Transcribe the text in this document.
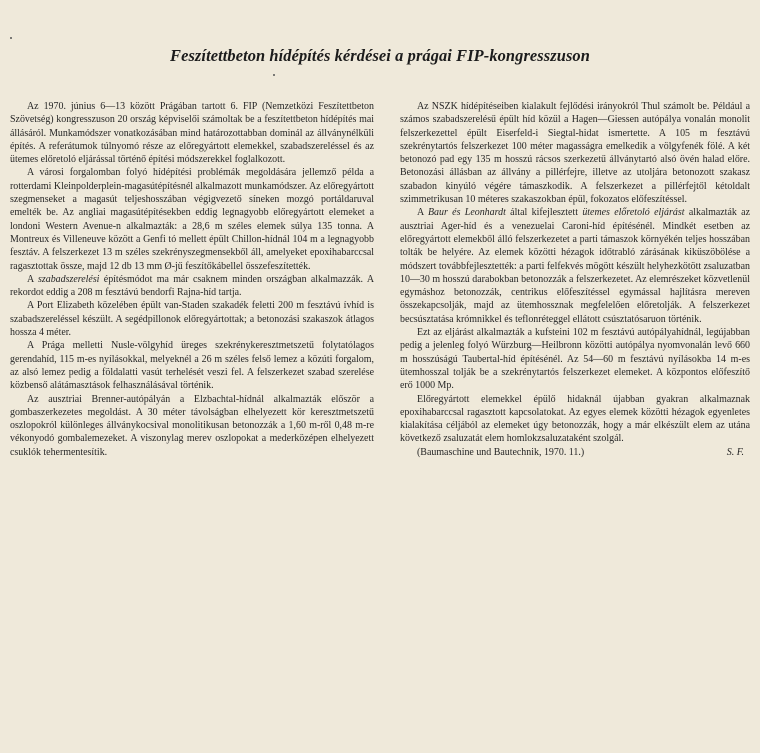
Feszítettbeton hídépítés kérdései a prágai FIP-kongresszuson

Az 1970. június 6—13 között Prágában tartott 6. FIP (Nemzetközi Feszítettbeton Szövetség) kongresszuson 20 ország képviselői számoltak be a feszítettbeton hídépítés mai állásáról. Munkamódszer vonatkozásában mind határozottabban dominál az állványnélküli építés. A referátumok túlnyomó része az előregyártott elemekkel, szabadszereléssel és az ütemes előretoló eljárással történő építési módszerekkel foglalkozott.

A városi forgalomban folyó hídépítési problémák megoldására jellemző példa a rotterdami Kleinpolderplein-magasútépítésnél alkalmazott munkamódszer. Az előregyártott szegmenseket a magasút teljeshosszában végigvezető síneken mozgó portáldaruval emelték be. Az angliai magasútépítésekben eddig legnagyobb előregyártott elemeket a londoni Western Avenue-n alkalmazták: a 28,6 m széles elemek súlya 135 tonna. A Montreux és Villeneuve között a Genfi tó mellett épült Chillon-hídnál 104 m a legnagyobb fesztáv. A felszerkezet 13 m széles szekrényszegmensekből áll, amelyeket epoxihabarccsal ragasztottak össze, majd 12 db 13 mm Ø-jű feszítőkábellel összefeszítették.

A szabadszerelési építésmódot ma már csaknem minden országban alkalmazzák. A rekordot eddig a 208 m fesztávú bendorfi Rajna-híd tartja.

A Port Elizabeth közelében épült van-Staden szakadék feletti 200 m fesztávú ívhíd is szabadszereléssel készült. A segédpillonok előregyártottak; a betonozási szakaszok átlagos hossza 4 méter.

A Prága melletti Nusle-völgyhíd üreges szekrénykeresztmetszetű folytatólagos gerendahíd, 115 m-es nyílásokkal, melyeknél a 26 m széles felső lemez a közúti forgalom, az alsó lemez pedig a földalatti vasút terhelését veszi fel. A felszerkezet szabad szerelése közbenső alátámasztások felhasználásával történik.

Az ausztriai Brenner-autópályán a Elzbachtal-hídnál alkalmazták először a gombaszerkezetes megoldást. A 30 méter távolságban elhelyezett kör keresztmetszetű oszlopokról különleges állványkocsival monolitikusan betonozzák a 1,60 m-ről 0,48 m-re vékonyodó gombalemezeket. A viszonylag merev oszlopokat a mederközépen elhelyezett csuklók tehermentesítik.

Az NSZK hídépítéseiben kialakult fejlődési irányokról Thul számolt be. Például a számos szabadszerelésű épült híd közül a Hagen—Giessen autópálya vonalán monolit felszerkezettel épült Eiserfeld-i Siegtal-hidat ismertette. A 105 m fesztávú szekrénytartós felszerkezet 100 méter magasságra emelkedik a völgyfenék fölé. A két betonozó pad egy 135 m hosszú rácsos szerkezetű állványtartó alsó övén halad előre. Betonozási állásban az állvány a pillérfejre, illetve az utoljára betonozott szakasz szabadon kinyúló végére támaszkodik. A felszerkezet a pillérfejtől kétoldalt szimmetrikusan 10 méteres szakaszokban épül, fokozatos előfeszítéssel.

A Baur és Leonhardt által kifejlesztett ütemes előretoló eljárást alkalmazták az ausztriai Ager-híd és a venezuelai Caroni-híd építésénél. Mindkét esetben az előregyártott elemekből álló felszerkezetet a parti támaszok környékén teljes hosszában tolták be helyére. Az elemek közötti hézagok időtrabló zárásának kiküszöbölése a módszert továbbfejlesztették: a parti felfekvés mögött készült helyhezkötött zsaluzatban 10—30 m hosszú darabokban betonozzák a felszerkezetet. Az elemrészeket közvetlenül egymáshoz betonozzák, centrikus előfeszítéssel egymással hajlításra mereven összekapcsolják, majd az ütemhossznak megfelelően előretolják. A felszerkezet becsúsztatása krómnikkel és teflonréteggel ellátott csúsztatósaruon történik.

Ezt az eljárást alkalmazták a kufsteini 102 m fesztávú autópályahídnál, legújabban pedig a jelenleg folyó Würzburg—Heilbronn közötti autópálya nyomvonalán levő 660 m hosszúságú Taubertal-híd építésénél. Az 54—60 m fesztávú nyílásokba 14 m-es ütemhosszal tolják be a szekrénytartós felszerkezet elemeket. A központos előfeszítő erő 1000 Mp.

Előregyártott elemekkel épülő hidaknál újabban gyakran alkalmaznak epoxihabarccsal ragasztott kapcsolatokat. Az egyes elemek közötti hézagok egyenletes kialakítása céljából az elemeket úgy betonozzák, hogy a már elkészült elem az utána következő zsaluzatát elem homlokzsaluzataként szolgál.

(Baumaschine und Bautechnik, 1970. 11.)	S. F.
